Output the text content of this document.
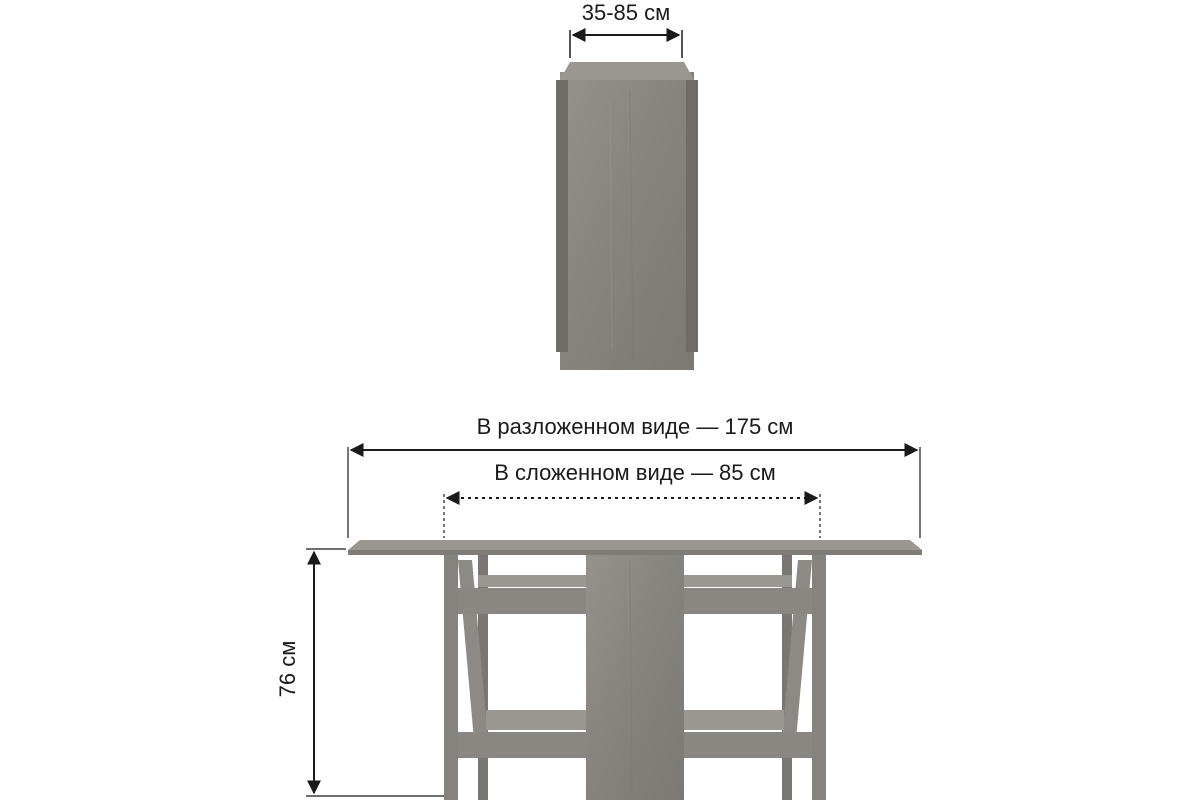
35-85 см
В разложенном виде — 175 см
В сложенном виде — 85 см
76 см
